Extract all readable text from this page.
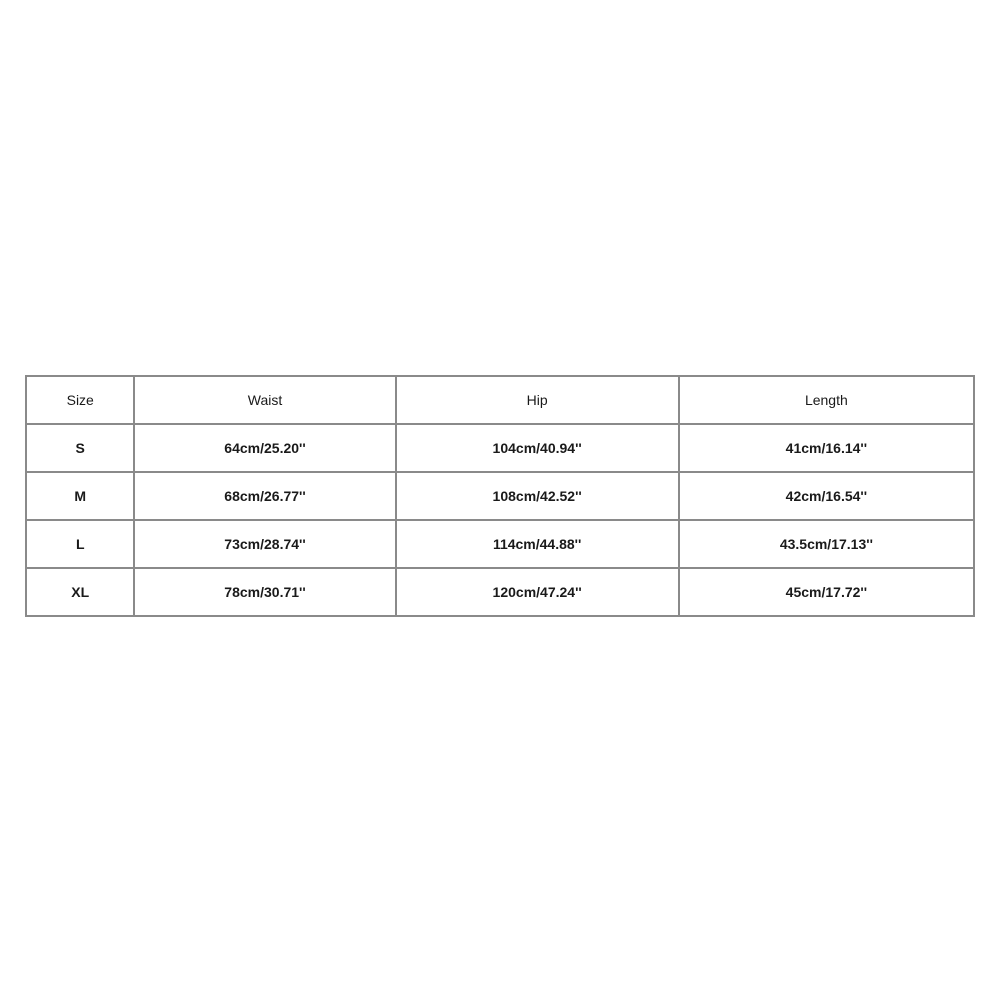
Size	Waist	Hip	Length
S	64cm/25.20''	104cm/40.94''	41cm/16.14''
M	68cm/26.77''	108cm/42.52''	42cm/16.54''
L	73cm/28.74''	114cm/44.88''	43.5cm/17.13''
XL	78cm/30.71''	120cm/47.24''	45cm/17.72''
